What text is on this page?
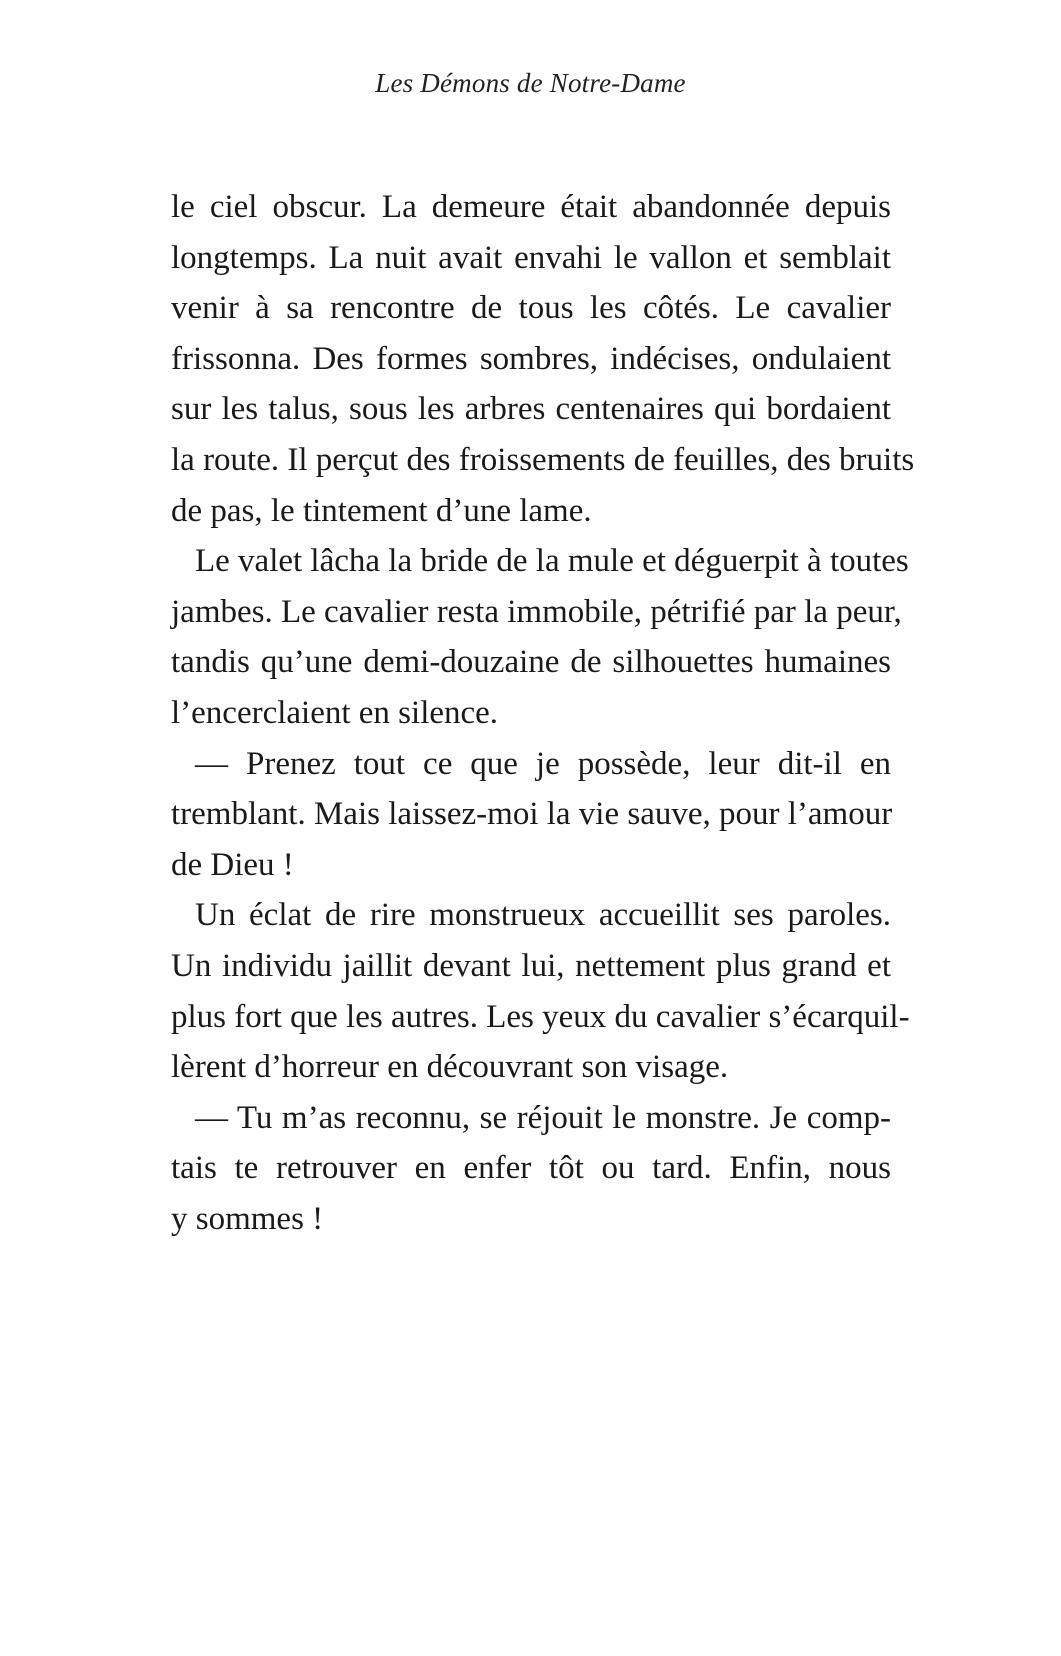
Les Démons de Notre-Dame

le ciel obscur. La demeure était abandonnée depuis
longtemps. La nuit avait envahi le vallon et semblait
venir à sa rencontre de tous les côtés. Le cavalier
frissonna. Des formes sombres, indécises, ondulaient
sur les talus, sous les arbres centenaires qui bordaient
la route. Il perçut des froissements de feuilles, des bruits
de pas, le tintement d’une lame.

Le valet lâcha la bride de la mule et déguerpit à toutes
jambes. Le cavalier resta immobile, pétrifié par la peur,
tandis qu’une demi-douzaine de silhouettes humaines
l’encerclaient en silence.

— Prenez tout ce que je possède, leur dit-il en
tremblant. Mais laissez-moi la vie sauve, pour l’amour
de Dieu !

Un éclat de rire monstrueux accueillit ses paroles.
Un individu jaillit devant lui, nettement plus grand et
plus fort que les autres. Les yeux du cavalier s’écarquil-
lèrent d’horreur en découvrant son visage.

— Tu m’as reconnu, se réjouit le monstre. Je comp-
tais te retrouver en enfer tôt ou tard. Enfin, nous
y sommes !
